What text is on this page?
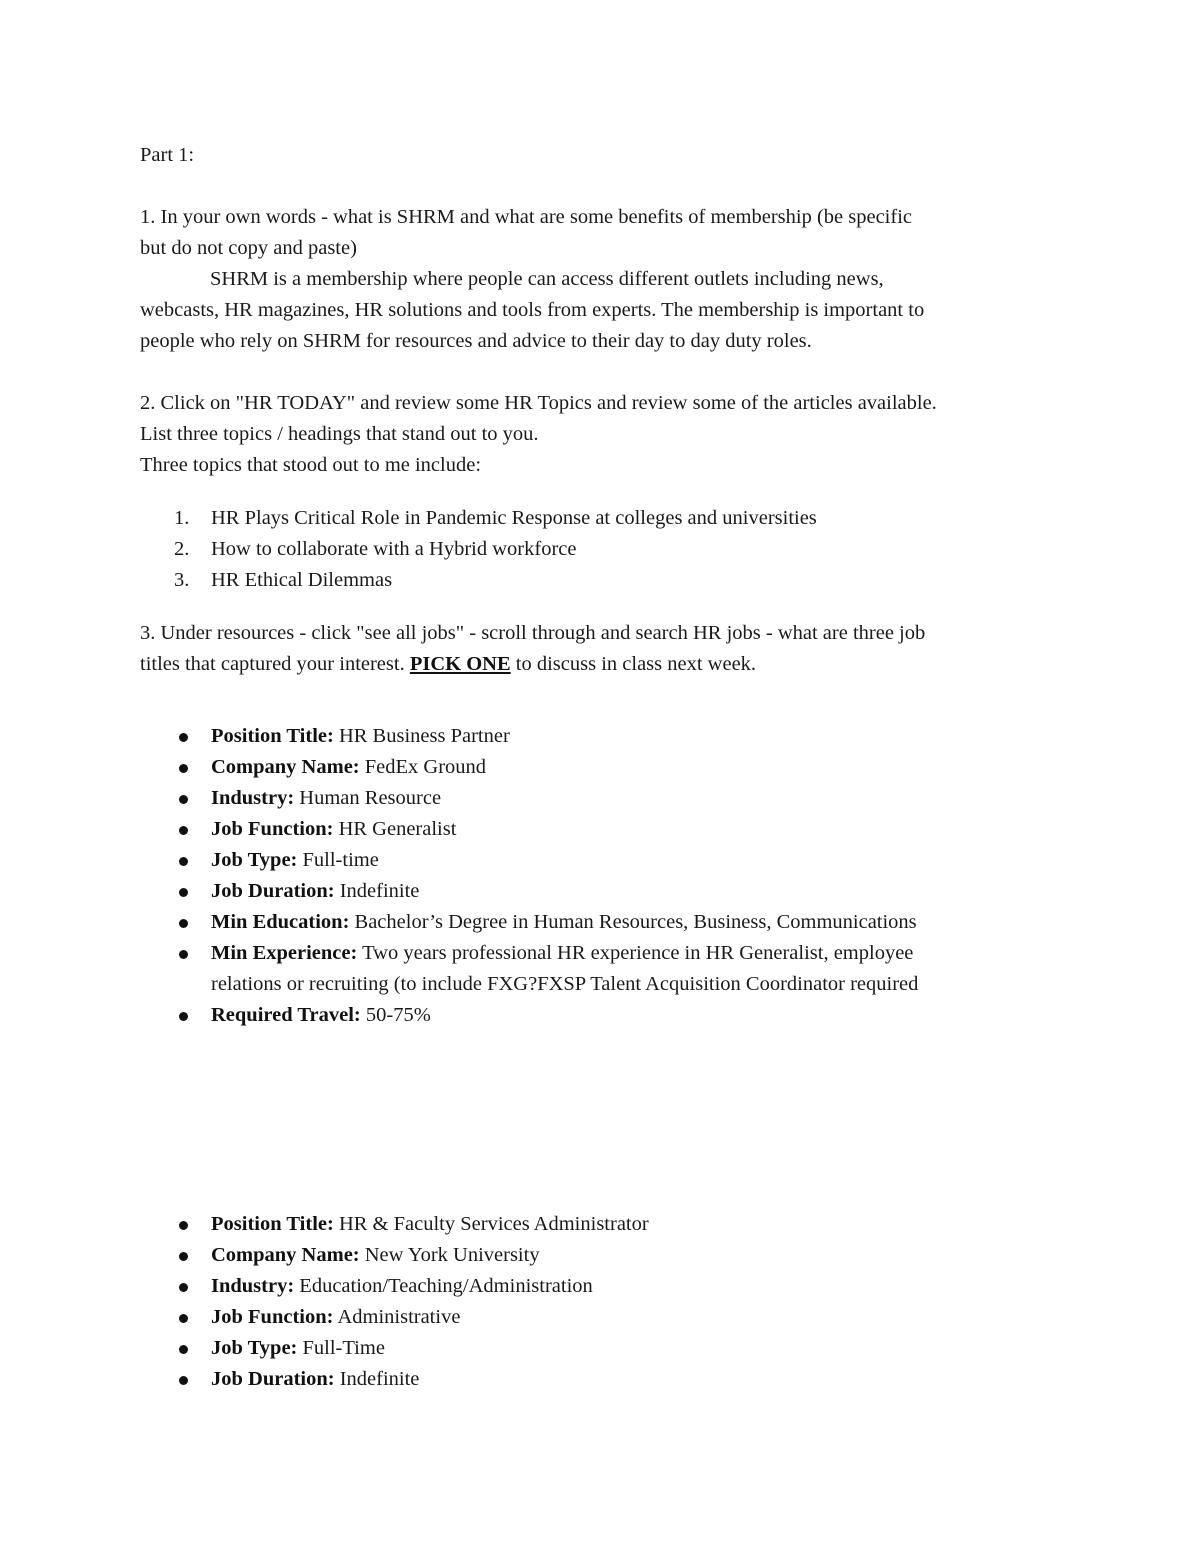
Part 1:
1. In your own words - what is SHRM and what are some benefits of membership (be specific
but do not copy and paste)
SHRM is a membership where people can access different outlets including news,
webcasts, HR magazines, HR solutions and tools from experts. The membership is important to
people who rely on SHRM for resources and advice to their day to day duty roles.
2. Click on "HR TODAY" and review some HR Topics and review some of the articles available.
List three topics / headings that stand out to you.
Three topics that stood out to me include:
1. HR Plays Critical Role in Pandemic Response at colleges and universities
2. How to collaborate with a Hybrid workforce
3. HR Ethical Dilemmas
3. Under resources - click "see all jobs" - scroll through and search HR jobs - what are three job
titles that captured your interest. PICK ONE to discuss in class next week.
Position Title: HR Business Partner
Company Name: FedEx Ground
Industry: Human Resource
Job Function: HR Generalist
Job Type: Full-time
Job Duration: Indefinite
Min Education: Bachelor’s Degree in Human Resources, Business, Communications
Min Experience: Two years professional HR experience in HR Generalist, employee
relations or recruiting (to include FXG?FXSP Talent Acquisition Coordinator required
Required Travel: 50-75%
Position Title: HR & Faculty Services Administrator
Company Name: New York University
Industry: Education/Teaching/Administration
Job Function: Administrative
Job Type: Full-Time
Job Duration: Indefinite
